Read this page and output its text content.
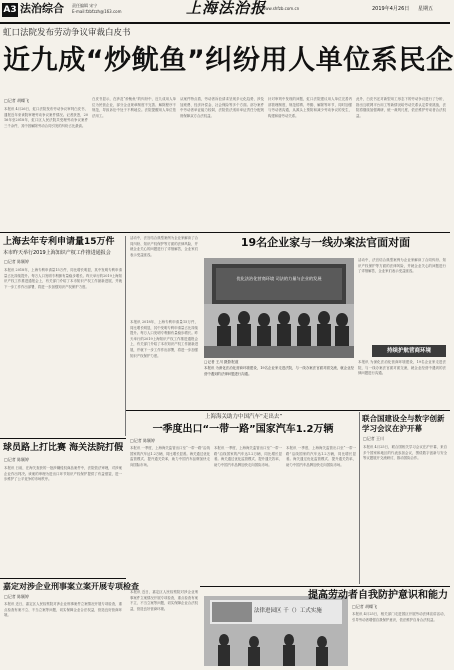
A3 法治综合 责任编辑 宋宁
E-mail:fzbfzzh@163.com	上海法治报
www.shfzb.com.cn	2019年4月26日 星期五
虹口法院发布劳动争议审裁白皮书
近九成“炒鱿鱼”纠纷用人单位系民企
□记者 胡蝶飞
本报讯 4月26日，虹口法院发布劳动争议审判白皮书，通报近年来该院审理劳动争议案件情况。记者获悉，2016年至2018年，虹口区人民法院共受理劳动争议案件三千余件，其中因解除劳动合同引发的纠纷占比最高。
白皮书显示，在涉及“炒鱿鱼”的纠纷中，近九成用人单位为民营企业，部分企业规章制度不完善、解除程序不规范，导致诉讼中处于不利地位。法院提醒用人单位依法用工。
从案件特点看，劳动者诉讼请求呈现多元化趋势，涉及加班费、经济补偿金、社会保险等多个方面。部分案件中劳动者举证能力较弱，法院依法适用举证责任分配规则保障双方合法权益。
针对审判中发现的问题，虹口法院建议用人单位完善内部管理制度，规范招聘、考勤、解除等环节，同时加强与劳动者沟通，从源头上预防和减少劳动争议的发生，构建和谐劳动关系。
此外，白皮书还对新型用工形态下的劳动争议进行了分析，指出互联网平台用工等新情况给劳动关系认定带来挑战，法院将继续加强调研，统一裁判尺度，依法维护劳动者合法权益。
上海去年专利申请量15万件
本市昨天举行2019上海知识产权工作推进通报会
□记者 陈颖婷
本报讯 2018年，上海专利申请量15万件，同比增长明显，其中发明专利申请量占比持续提升。每万人口发明专利拥有量稳步增长。昨天举行的2019上海知识产权工作推进通报会上，有关部门介绍了本市知识产权工作最新进展，并就下一步工作作出部署，将进一步加强知识产权保护力度。
活动中，法官结合典型案例为企业家解读了合同纠纷、知识产权保护等方面的法律风险，并就企业关心的问题进行了详细解答，企业家们表示受益匪浅。
19名企业家与一线办案法官面对面
优化法治化营商环境 司法的力量与企业的发展
活动中，法官结合典型案例为企业家解读了合同纠纷、知识产权保护等方面的法律风险，并就企业关心的问题进行了详细解答，企业家们表示受益匪浅。
□记者 王川 摄影报道
本报讯 为深化法治化营商环境建设，19名企业家走进法院，与一线办案法官面对面交流，就企业经营中遇到的法律问题进行沟通。
持续护航营商环境
本报讯 为深化法治化营商环境建设，19名企业家走进法院，与一线办案法官面对面交流，就企业经营中遇到的法律问题进行沟通。
球员路上打比赛 海关法院打假
□记者 陈颖婷
本报讯 日前，在海关查获的一批涉嫌侵权商品案件中，法院依法审理，对涉案企业作出判决。该案的审理为进出口环节知识产权保护提供了有益借鉴，进一步维护了公平竞争的市场秩序。
本报讯 2018年，上海专利申请量15万件，同比增长明显，其中发明专利申请量占比持续提升。每万人口发明专利拥有量稳步增长。昨天举行的2019上海知识产权工作推进通报会上，有关部门介绍了本市知识产权工作最新进展，并就下一步工作作出部署，将进一步加强知识产权保护力度。
上海海关助力中国汽车“走出去”
一季度出口“一带一路”国家汽车1.2万辆
□记者 陈颖婷
本报讯 一季度，上海海关监管出口至“一带一路”沿线国家的汽车达1.2万辆，同比增长显著。海关通过优化监管模式、提升通关效率，助力中国汽车品牌加快走向国际市场。
本报讯 一季度，上海海关监管出口至“一带一路”沿线国家的汽车达1.2万辆，同比增长显著。海关通过优化监管模式、提升通关效率，助力中国汽车品牌加快走向国际市场。
本报讯 一季度，上海海关监管出口至“一带一路”沿线国家的汽车达1.2万辆，同比增长显著。海关通过优化监管模式、提升通关效率，助力中国汽车品牌加快走向国际市场。
联合国建设全与数字创新学习会议在沪开幕
□记者 王川
本报讯 4月25日，联合国相关学习会议在沪开幕，来自多个国家和地区的代表参加会议，围绕数字创新与安全等议题展开交流研讨，推动国际合作。
嘉定对涉企业刑事案立案开展专项检查
□记者 陈颖婷
本报讯 近日，嘉定区人民检察院对涉企业刑事案件立案情况开展专项检查，重点检查有案不立、不当立案等问题，切实保障企业合法权益，营造良好营商环境。
本报讯 近日，嘉定区人民检察院对涉企业刑事案件立案情况开展专项检查，重点检查有案不立、不当立案等问题，切实保障企业合法权益，营造良好营商环境。	法律进园区 千（）工式实施
提高劳动者自我防护意识和能力
□记者 胡蝶飞
本报讯 4月25日，相关部门走进园区开展劳动法律宣讲活动，引导劳动者增强自我保护意识，依法维护自身合法权益。
